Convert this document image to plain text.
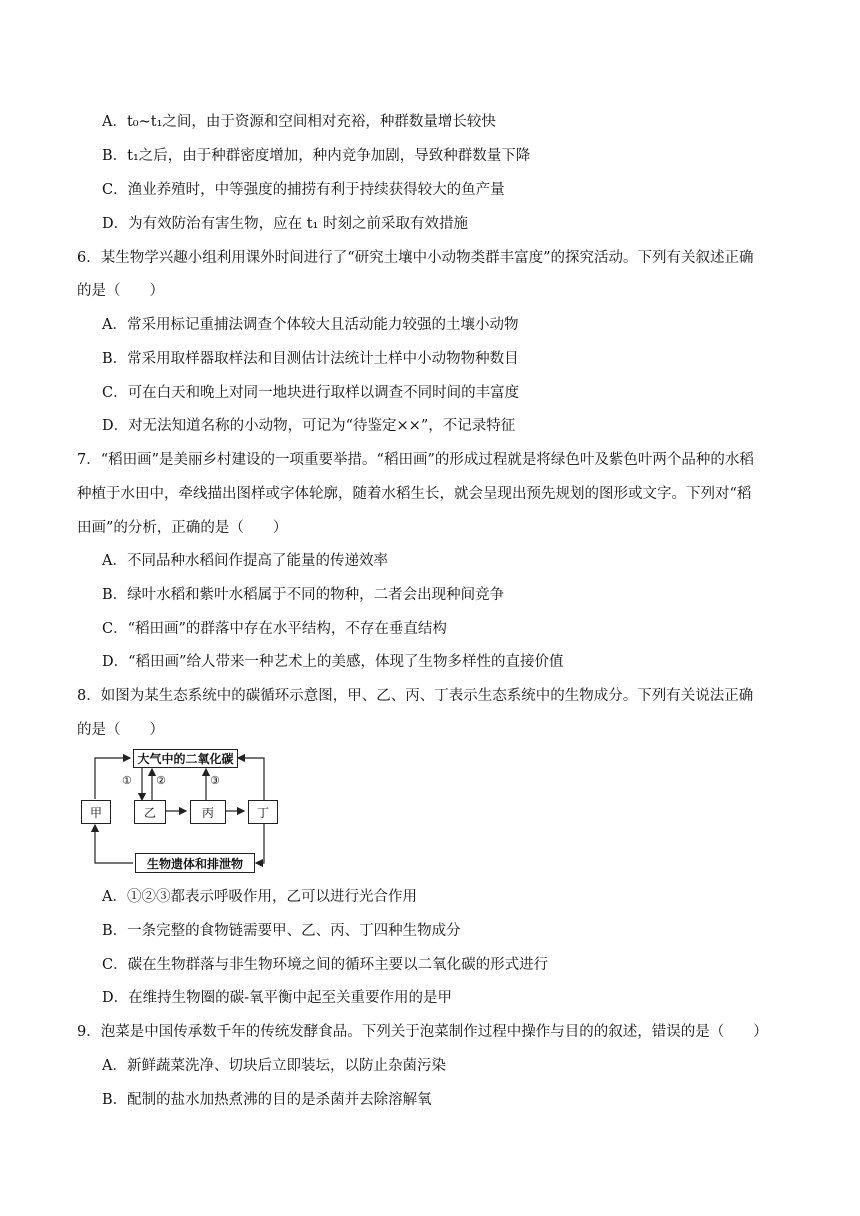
A．t₀~t₁之间，由于资源和空间相对充裕，种群数量增长较快
B．t₁之后，由于种群密度增加，种内竞争加剧，导致种群数量下降
C．渔业养殖时，中等强度的捕捞有利于持续获得较大的鱼产量
D．为有效防治有害生物，应在 t₁ 时刻之前采取有效措施
6．某生物学兴趣小组利用课外时间进行了“研究土壤中小动物类群丰富度”的探究活动。下列有关叙述正确
的是（　　）
A．常采用标记重捕法调查个体较大且活动能力较强的土壤小动物
B．常采用取样器取样法和目测估计法统计土样中小动物物种数目
C．可在白天和晚上对同一地块进行取样以调查不同时间的丰富度
D．对无法知道名称的小动物，可记为“待鉴定××”，不记录特征
7．“稻田画”是美丽乡村建设的一项重要举措。“稻田画”的形成过程就是将绿色叶及紫色叶两个品种的水稻
种植于水田中，牵线描出图样或字体轮廓，随着水稻生长，就会呈现出预先规划的图形或文字。下列对“稻
田画”的分析，正确的是（　　）
A．不同品种水稻间作提高了能量的传递效率
B．绿叶水稻和紫叶水稻属于不同的物种，二者会出现种间竞争
C．“稻田画”的群落中存在水平结构，不存在垂直结构
D．“稻田画”给人带来一种艺术上的美感，体现了生物多样性的直接价值
8．如图为某生态系统中的碳循环示意图，甲、乙、丙、丁表示生态系统中的生物成分。下列有关说法正确
的是（　　）
大气中的二氧化碳
甲	乙	丙	丁
生物遗体和排泄物
① ②	③
A．①②③都表示呼吸作用，乙可以进行光合作用
B．一条完整的食物链需要甲、乙、丙、丁四种生物成分
C．碳在生物群落与非生物环境之间的循环主要以二氧化碳的形式进行
D．在维持生物圈的碳-氧平衡中起至关重要作用的是甲
9．泡菜是中国传承数千年的传统发酵食品。下列关于泡菜制作过程中操作与目的的叙述，错误的是（　　）
A．新鲜蔬菜洗净、切块后立即装坛，以防止杂菌污染
B．配制的盐水加热煮沸的目的是杀菌并去除溶解氧
